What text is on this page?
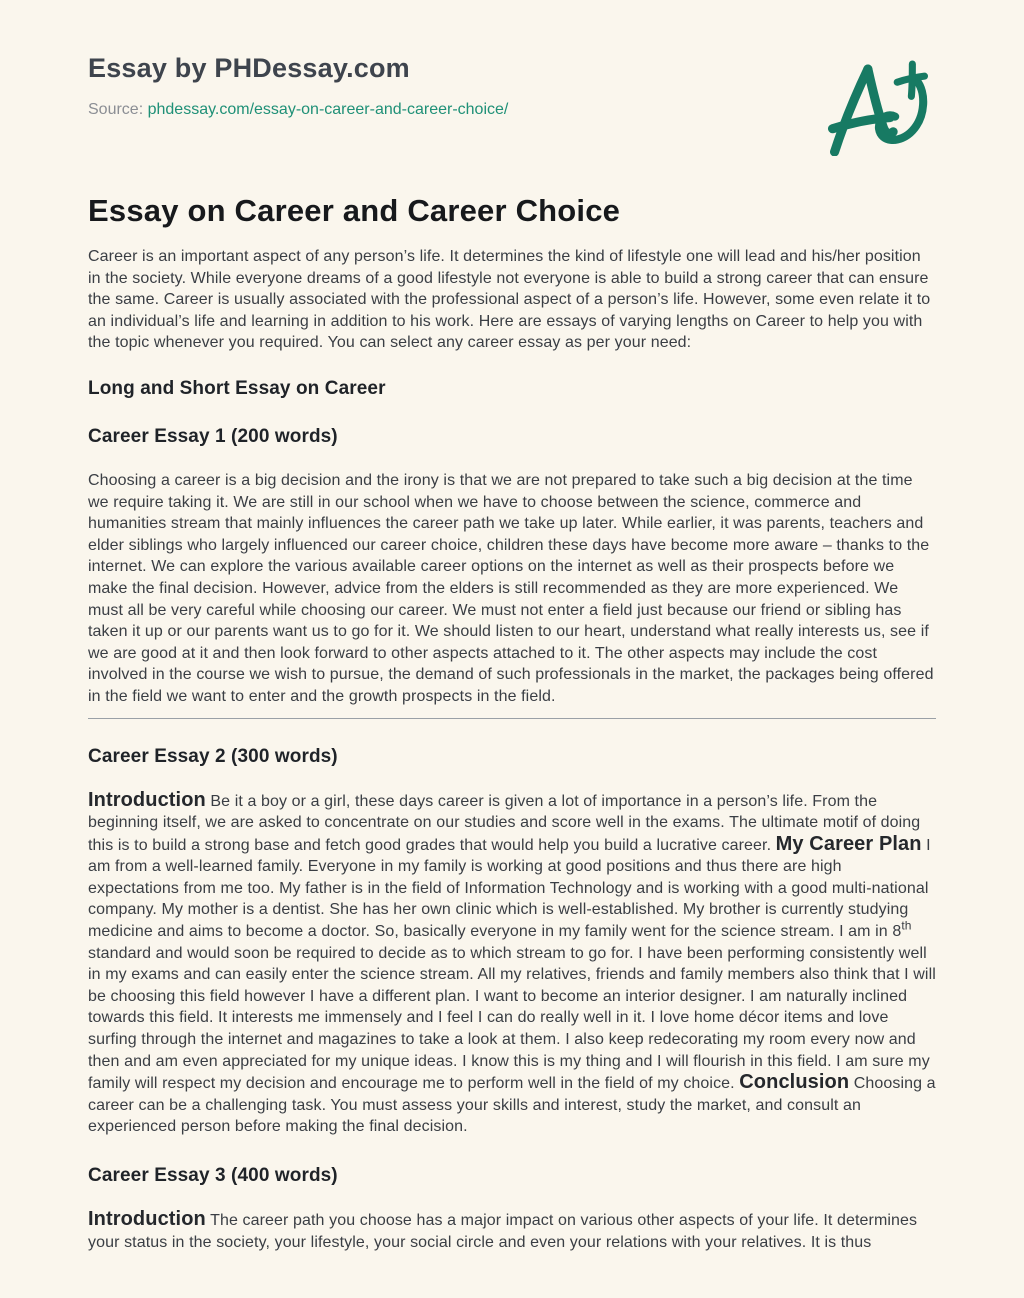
Essay by PHDessay.com
Source: phdessay.com/essay-on-career-and-career-choice/
Essay on Career and Career Choice

Career is an important aspect of any person’s life. It determines the kind of lifestyle one will lead and his/her position in the society. While everyone dreams of a good lifestyle not everyone is able to build a strong career that can ensure the same. Career is usually associated with the professional aspect of a person’s life. However, some even relate it to an individual’s life and learning in addition to his work. Here are essays of varying lengths on Career to help you with the topic whenever you required. You can select any career essay as per your need:

Long and Short Essay on Career
Career Essay 1 (200 words)

Choosing a career is a big decision and the irony is that we are not prepared to take such a big decision at the time we require taking it. We are still in our school when we have to choose between the science, commerce and humanities stream that mainly influences the career path we take up later. While earlier, it was parents, teachers and elder siblings who largely influenced our career choice, children these days have become more aware – thanks to the internet. We can explore the various available career options on the internet as well as their prospects before we make the final decision. However, advice from the elders is still recommended as they are more experienced. We must all be very careful while choosing our career. We must not enter a field just because our friend or sibling has taken it up or our parents want us to go for it. We should listen to our heart, understand what really interests us, see if we are good at it and then look forward to other aspects attached to it. The other aspects may include the cost involved in the course we wish to pursue, the demand of such professionals in the market, the packages being offered in the field we want to enter and the growth prospects in the field.

Career Essay 2 (300 words)

Introduction Be it a boy or a girl, these days career is given a lot of importance in a person’s life. From the beginning itself, we are asked to concentrate on our studies and score well in the exams. The ultimate motif of doing this is to build a strong base and fetch good grades that would help you build a lucrative career. My Career Plan I am from a well-learned family. Everyone in my family is working at good positions and thus there are high expectations from me too. My father is in the field of Information Technology and is working with a good multi-national company. My mother is a dentist. She has her own clinic which is well-established. My brother is currently studying medicine and aims to become a doctor. So, basically everyone in my family went for the science stream. I am in 8th standard and would soon be required to decide as to which stream to go for. I have been performing consistently well in my exams and can easily enter the science stream. All my relatives, friends and family members also think that I will be choosing this field however I have a different plan. I want to become an interior designer. I am naturally inclined towards this field. It interests me immensely and I feel I can do really well in it. I love home décor items and love surfing through the internet and magazines to take a look at them. I also keep redecorating my room every now and then and am even appreciated for my unique ideas. I know this is my thing and I will flourish in this field. I am sure my family will respect my decision and encourage me to perform well in the field of my choice. Conclusion Choosing a career can be a challenging task. You must assess your skills and interest, study the market, and consult an experienced person before making the final decision.

Career Essay 3 (400 words)

Introduction The career path you choose has a major impact on various other aspects of your life. It determines your status in the society, your lifestyle, your social circle and even your relations with your relatives. It is thus
